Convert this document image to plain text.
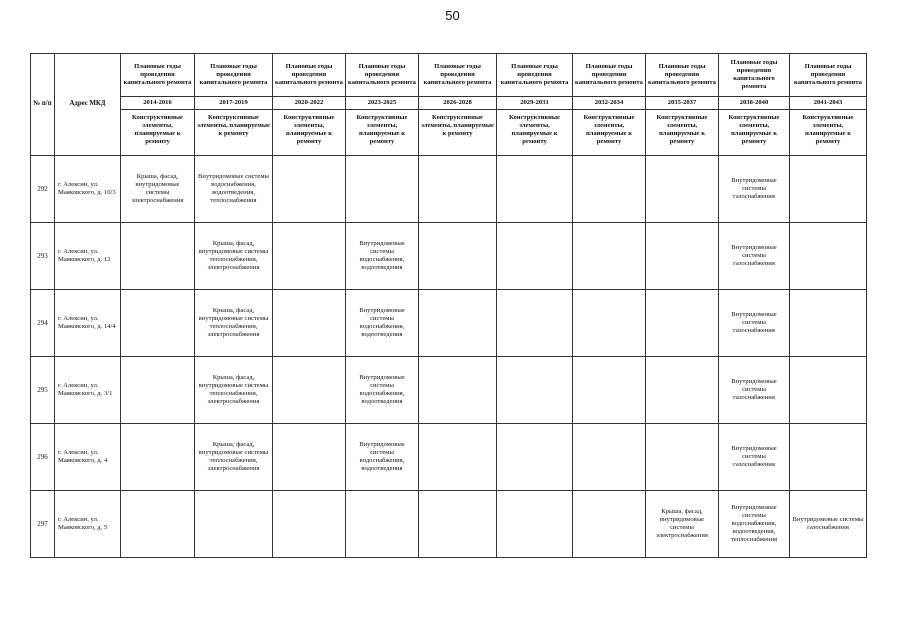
50
№ п/п	Адрес МКД	Плановые годы проведения капитального ремонта	Плановые годы проведения капитального ремонта	Плановые годы проведения капитального ремонта	Плановые годы проведения капитального ремонта	Плановые годы проведения капитального ремонта	Плановые годы проведения капитального ремонта	Плановые годы проведения капитального ремонта	Плановые годы проведения капитального ремонта	Плановые годы проведения капитального ремонта	Плановые годы проведения капитального ремонта
		2014-2016	2017-2019	2020-2022	2023-2025	2026-2028	2029-2031	2032-2034	2035-2037	2038-2040	2041-2043
		Конструктивные элементы, планируемые к ремонту	Конструктивные элементы, планируемые к ремонту	Конструктивные элементы, планируемые к ремонту	Конструктивные элементы, планируемые к ремонту	Конструктивные элементы, планируемые к ремонту	Конструктивные элементы, планируемые к ремонту	Конструктивные элементы, планируемые к ремонту	Конструктивные элементы, планируемые к ремонту	Конструктивные элементы, планируемые к ремонту	Конструктивные элементы, планируемые к ремонту
292	г. Алексин, ул. Маяковского, д. 10/3	Крыша, фасад, внутридомовые системы электроснабжения	Внутридомовые системы водоснабжения, водоотведения, теплоснабжения							Внутридомовые системы газоснабжения	
293	г. Алексин, ул. Маяковского, д. 12		Крыша, фасад, внутридомовые системы теплоснабжения, электроснабжения		Внутридомовые системы водоснабжения, водоотведения					Внутридомовые системы газоснабжения	
294	г. Алексин, ул. Маяковского, д. 14/4		Крыша, фасад, внутридомовые системы теплоснабжения, электроснабжения		Внутридомовые системы водоснабжения, водоотведения					Внутридомовые системы газоснабжения	
295	г. Алексин, ул. Маяковского, д. 3/1		Крыша, фасад, внутридомовые системы теплоснабжения, электроснабжения		Внутридомовые системы водоснабжения, водоотведения					Внутридомовые системы газоснабжения	
296	г. Алексин, ул. Маяковского, д. 4		Крыша, фасад, внутридомовые системы теплоснабжения, электроснабжения		Внутридомовые системы водоснабжения, водоотведения					Внутридомовые системы газоснабжения	
297	г. Алексин, ул. Маяковского, д. 5								Крыша, фасад, внутридомовые системы электроснабжения	Внутридомовые системы водоснабжения, водоотведения, теплоснабжения	Внутридомовые системы газоснабжения
